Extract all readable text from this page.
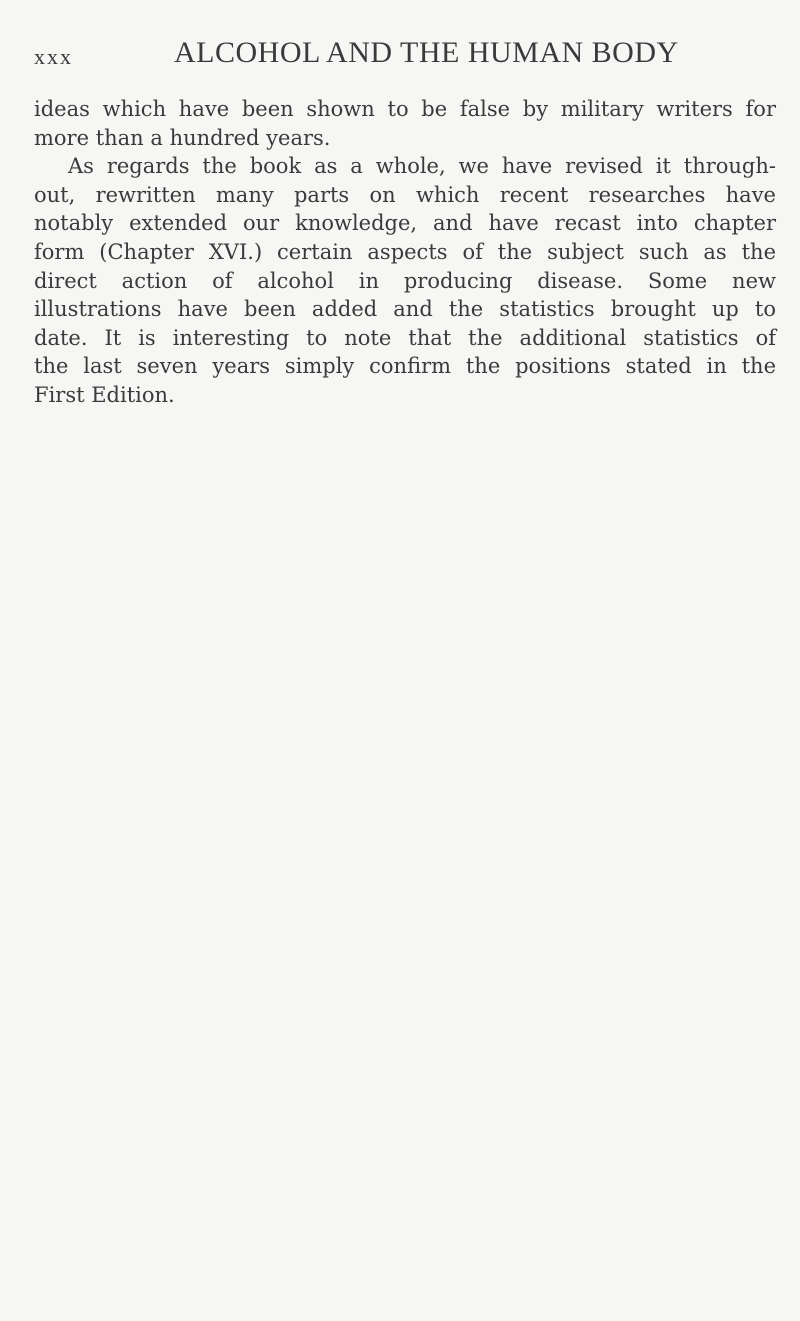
xxx	ALCOHOL AND THE HUMAN BODY
ideas which have been shown to be false by military writers for
more than a hundred years.
As regards the book as a whole, we have revised it through-
out, rewritten many parts on which recent researches have
notably extended our knowledge, and have recast into chapter
form (Chapter XVI.) certain aspects of the subject such as the
direct action of alcohol in producing disease. Some new
illustrations have been added and the statistics brought up to
date. It is interesting to note that the additional statistics of
the last seven years simply confirm the positions stated in the
First Edition.
